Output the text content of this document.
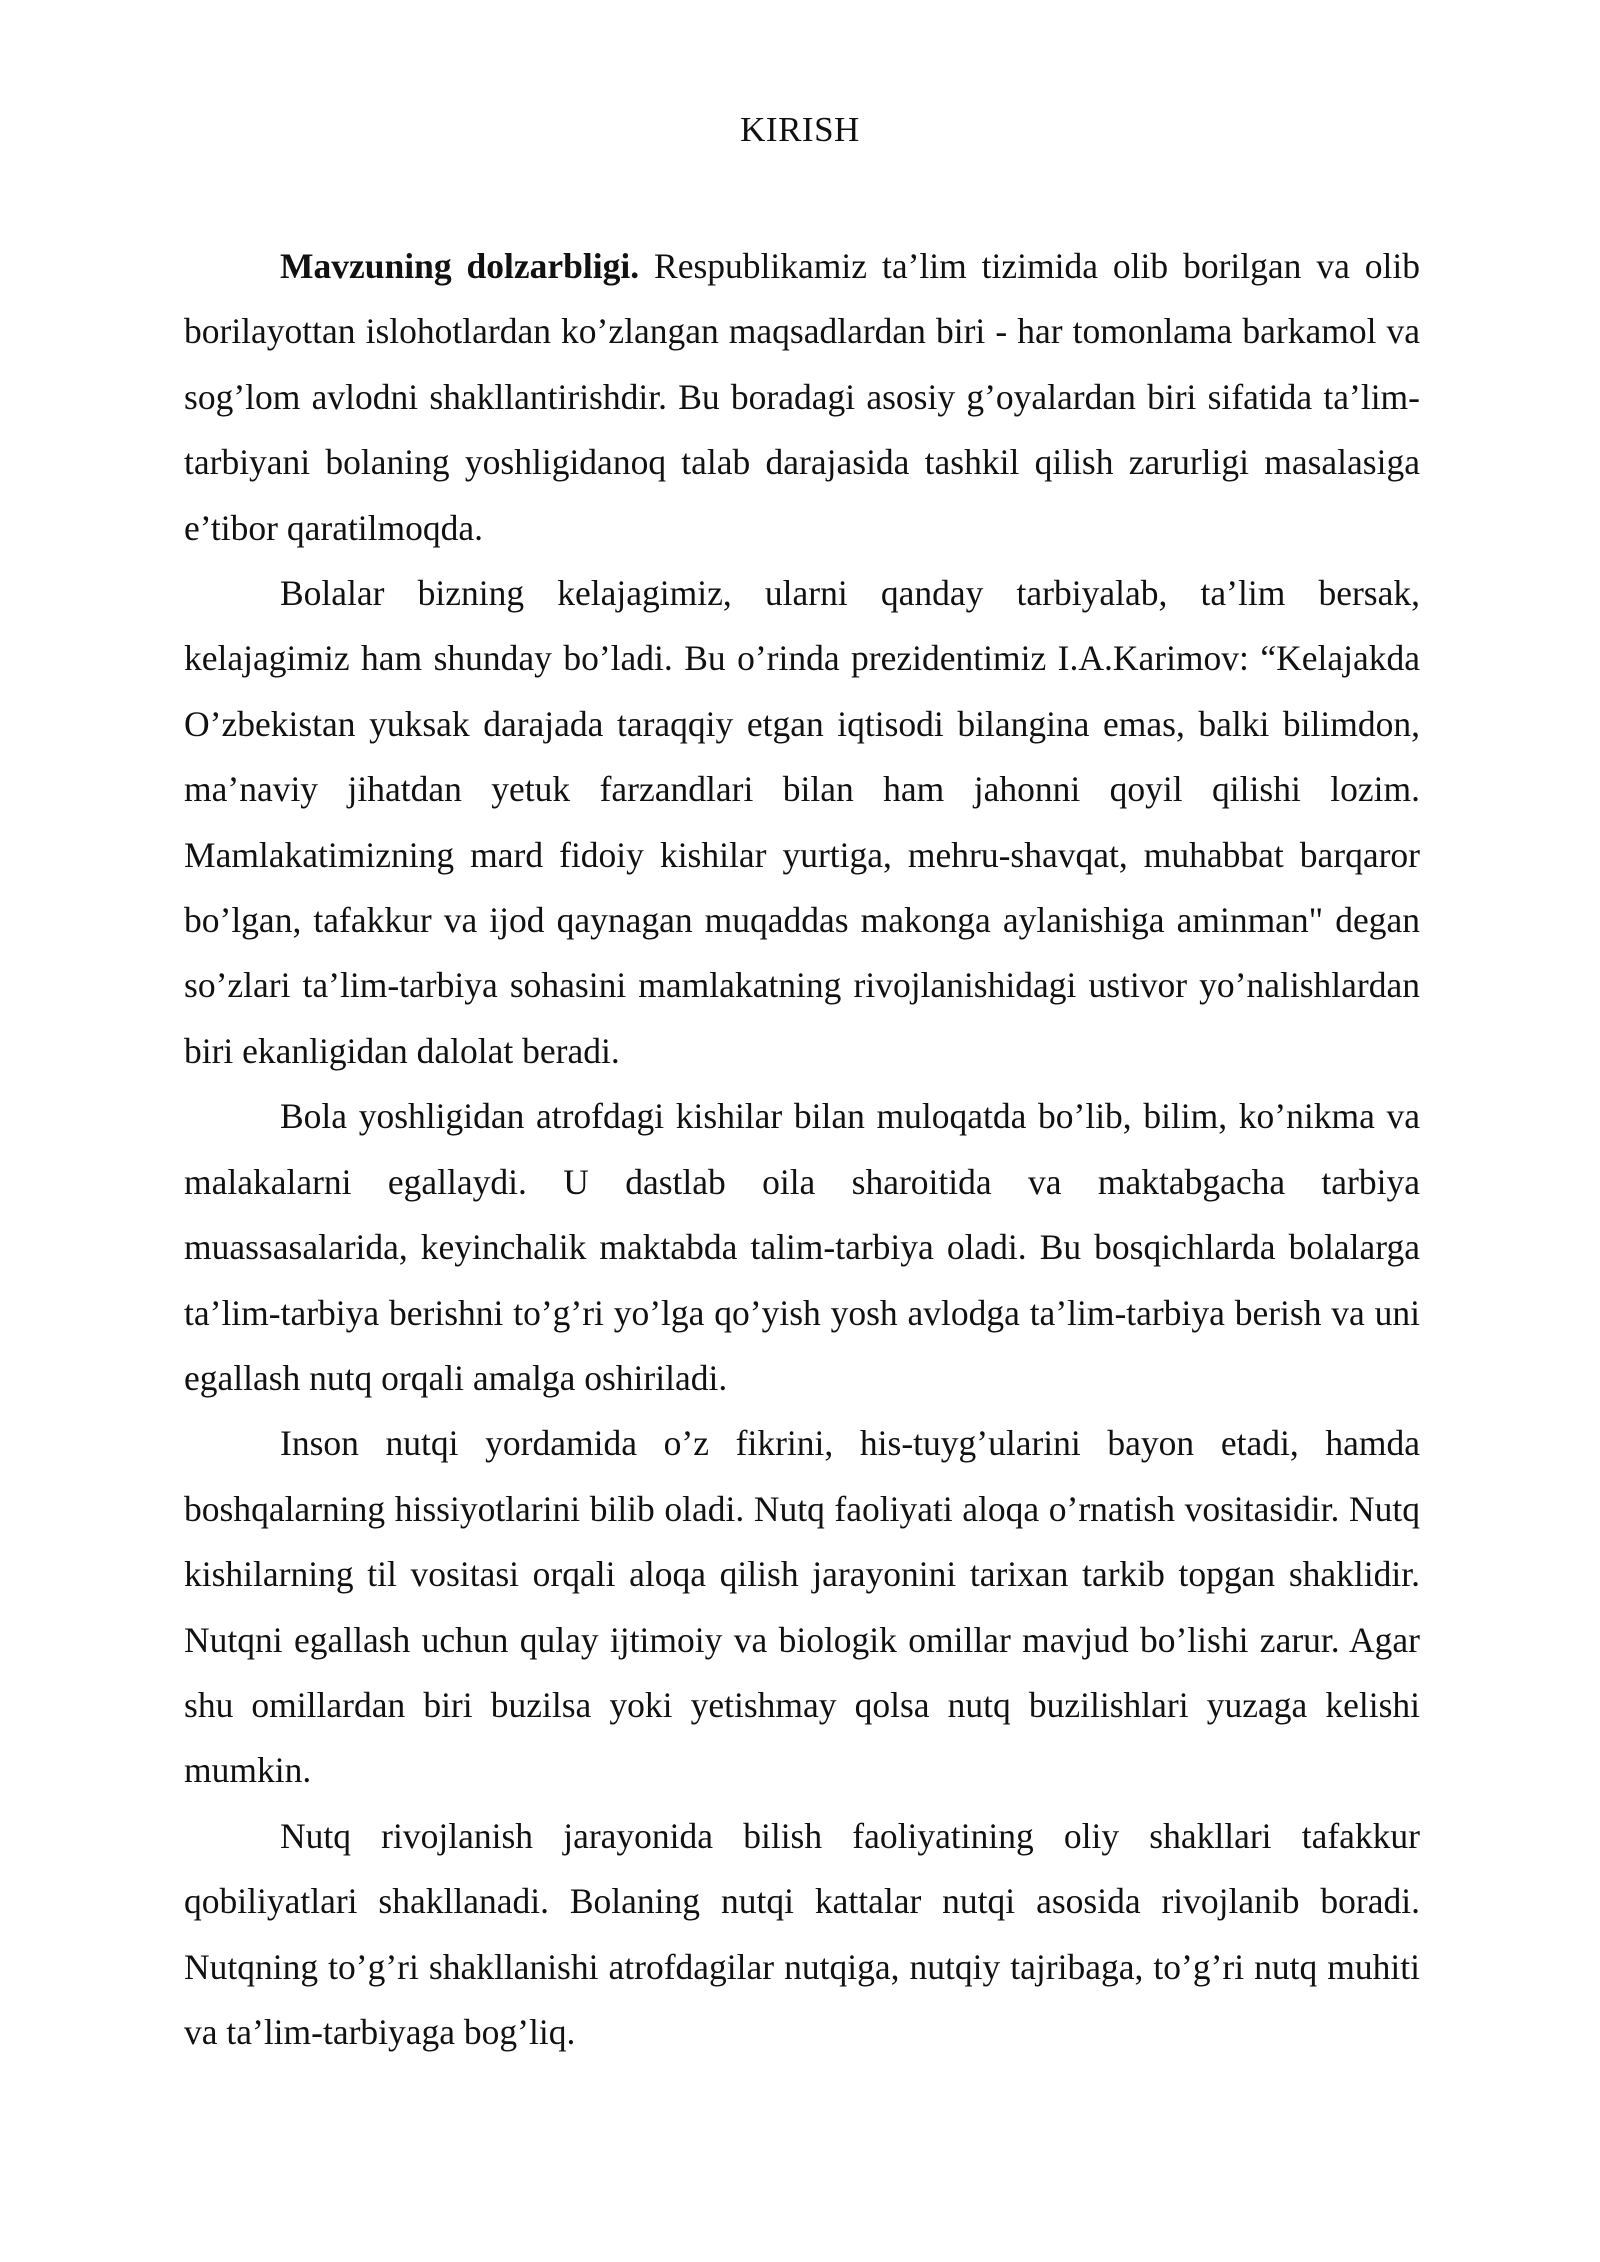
KIRISH

Mavzuning dolzarbligi. Respublikamiz ta’lim tizimida olib borilgan va olib borilayottan islohotlardan ko’zlangan maqsadlardan biri - har tomonlama barkamol va sog’lom avlodni shakllantirishdir. Bu boradagi asosiy g’oyalardan biri sifatida ta’lim-tarbiyani bolaning yoshligidanoq talab darajasida tashkil qilish zarurligi masalasiga e’tibor qaratilmoqda.

Bolalar bizning kelajagimiz, ularni qanday tarbiyalab, ta’lim bersak, kelajagimiz ham shunday bo’ladi. Bu o’rinda prezidentimiz I.A.Karimov: “Kelajakda O’zbekistan yuksak darajada taraqqiy etgan iqtisodi bilangina emas, balki bilimdon, ma’naviy jihatdan yetuk farzandlari bilan ham jahonni qoyil qilishi lozim. Mamlakatimizning mard fidoiy kishilar yurtiga, mehru-shavqat, muhabbat barqaror bo’lgan, tafakkur va ijod qaynagan muqaddas makonga aylanishiga aminman" degan so’zlari ta’lim-tarbiya sohasini mamlakatning rivojlanishidagi ustivor yo’nalishlardan biri ekanligidan dalolat beradi.

Bola yoshligidan atrofdagi kishilar bilan muloqatda bo’lib, bilim, ko’nikma va malakalarni egallaydi. U dastlab oila sharoitida va maktabgacha tarbiya muassasalarida, keyinchalik maktabda talim-tarbiya oladi. Bu bosqichlarda bolalarga ta’lim-tarbiya berishni to’g’ri yo’lga qo’yish yosh avlodga ta’lim-tarbiya berish va uni egallash nutq orqali amalga oshiriladi.

Inson nutqi yordamida o’z fikrini, his-tuyg’ularini bayon etadi, hamda boshqalarning hissiyotlarini bilib oladi. Nutq faoliyati aloqa o’rnatish vositasidir. Nutq kishilarning til vositasi orqali aloqa qilish jarayonini tarixan tarkib topgan shaklidir. Nutqni egallash uchun qulay ijtimoiy va biologik omillar mavjud bo’lishi zarur. Agar shu omillardan biri buzilsa yoki yetishmay qolsa nutq buzilishlari yuzaga kelishi mumkin.

Nutq rivojlanish jarayonida bilish faoliyatining oliy shakllari tafakkur qobiliyatlari shakllanadi. Bolaning nutqi kattalar nutqi asosida rivojlanib boradi. Nutqning to’g’ri shakllanishi atrofdagilar nutqiga, nutqiy tajribaga, to’g’ri nutq muhiti va ta’lim-tarbiyaga bog’liq.
